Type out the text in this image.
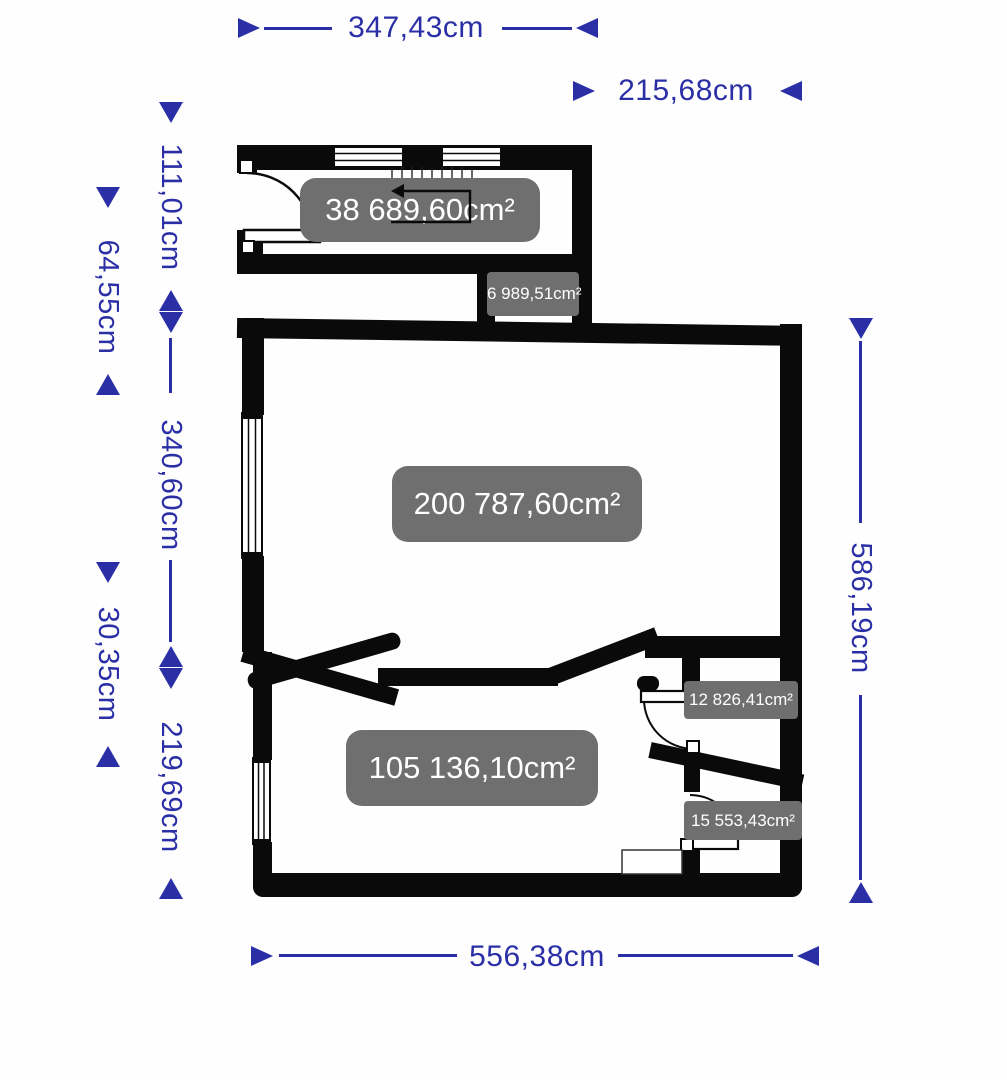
38 689,60cm²
6 989,51cm²
200 787,60cm²
105 136,10cm²
12 826,41cm²
15 553,43cm²
347,43cm
215,68cm
111,01cm
340,60cm
219,69cm
64,55cm
30,35cm	586,19cm
556,38cm
